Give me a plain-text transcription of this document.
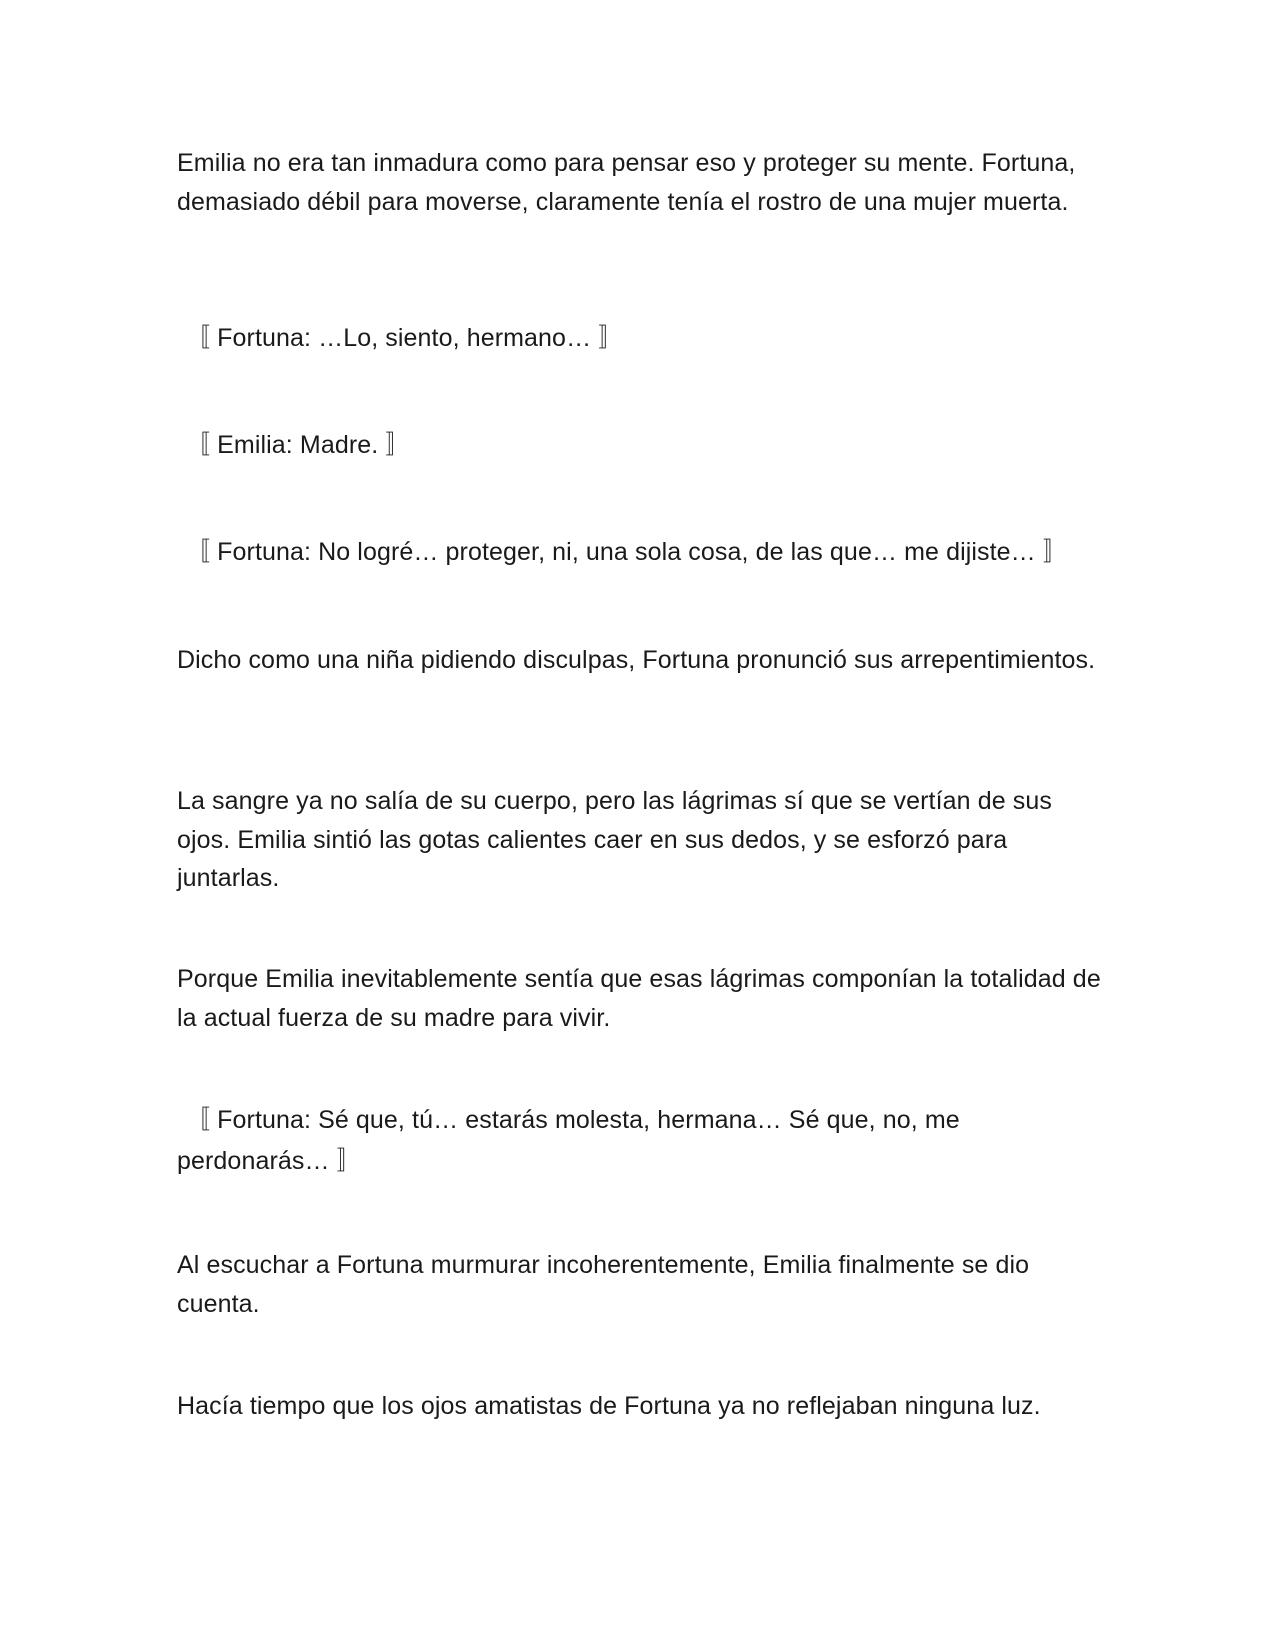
Emilia no era tan inmadura como para pensar eso y proteger su mente. Fortuna, demasiado débil para moverse, claramente tenía el rostro de una mujer muerta.

〚 Fortuna: …Lo, siento, hermano… 〛

〚 Emilia: Madre. 〛

〚 Fortuna: No logré… proteger, ni, una sola cosa, de las que… me dijiste… 〛

Dicho como una niña pidiendo disculpas, Fortuna pronunció sus arrepentimientos.

La sangre ya no salía de su cuerpo, pero las lágrimas sí que se vertían de sus ojos. Emilia sintió las gotas calientes caer en sus dedos, y se esforzó para juntarlas.

Porque Emilia inevitablemente sentía que esas lágrimas componían la totalidad de la actual fuerza de su madre para vivir.

〚 Fortuna: Sé que, tú… estarás molesta, hermana… Sé que, no, me
perdonarás… 〛

Al escuchar a Fortuna murmurar incoherentemente, Emilia finalmente se dio cuenta.

Hacía tiempo que los ojos amatistas de Fortuna ya no reflejaban ninguna luz.
